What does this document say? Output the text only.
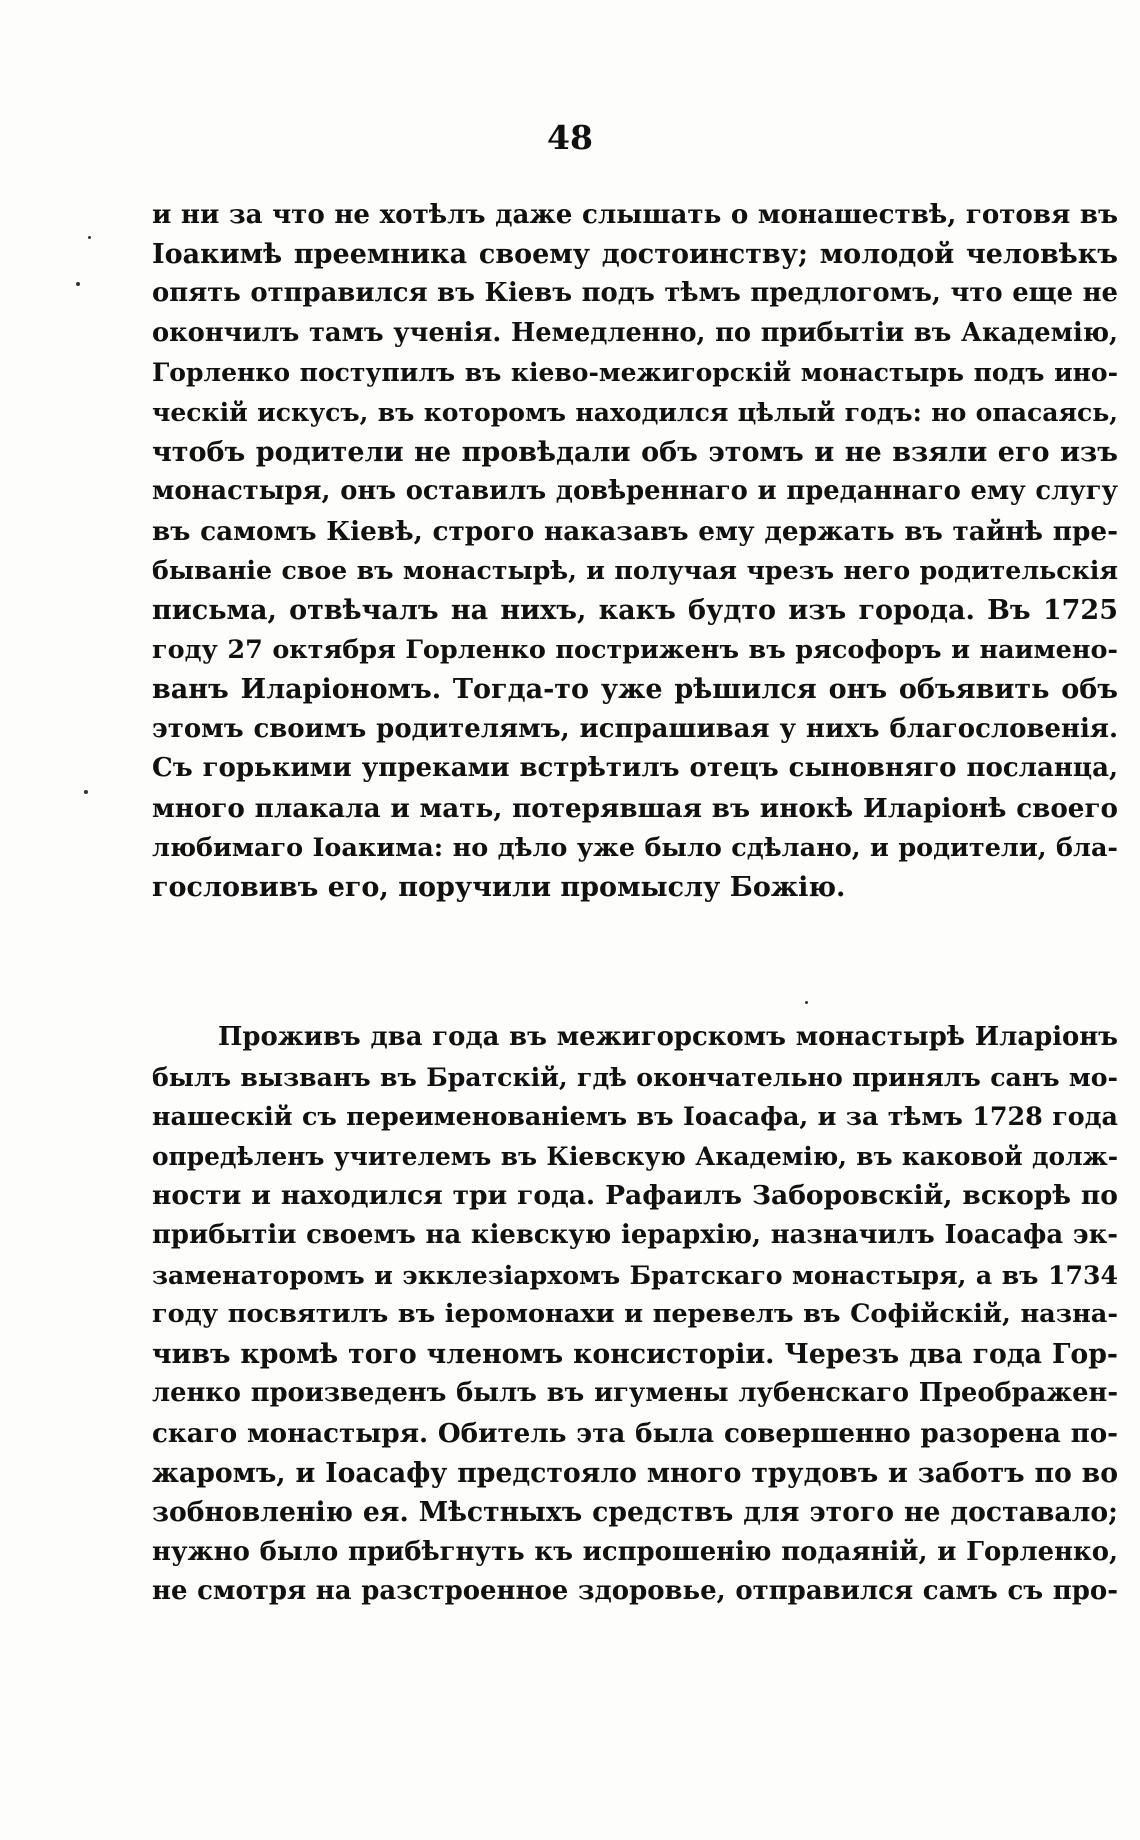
48

и ни за что не хотѣлъ даже слышать о монашествѣ, готовя въ
Іоакимѣ преемника своему достоинству; молодой человѣкъ
опять отправился въ Кіевъ подъ тѣмъ предлогомъ, что еще не
окончилъ тамъ ученія. Немедленно, по прибытіи въ Академію,
Горленко поступилъ въ кіево-межигорскій монастырь подъ ино-
ческій искусъ, въ которомъ находился цѣлый годъ: но опасаясь,
чтобъ родители не провѣдали объ этомъ и не взяли его изъ
монастыря, онъ оставилъ довѣреннаго и преданнаго ему слугу
въ самомъ Кіевѣ, строго наказавъ ему держать въ тайнѣ пре-
бываніе свое въ монастырѣ, и получая чрезъ него родительскія
письма, отвѣчалъ на нихъ, какъ будто изъ города. Въ 1725
году 27 октября Горленко постриженъ въ рясофоръ и наимено-
ванъ Иларіономъ. Тогда-то уже рѣшился онъ объявить объ
этомъ своимъ родителямъ, испрашивая у нихъ благословенія.
Съ горькими упреками встрѣтилъ отецъ сыновняго посланца,
много плакала и мать, потерявшая въ инокѣ Иларіонѣ своего
любимаго Іоакима: но дѣло уже было сдѣлано, и родители, бла-
гословивъ его, поручили промыслу Божію.

Проживъ два года въ межигорскомъ монастырѣ Иларіонъ
былъ вызванъ въ Братскій, гдѣ окончательно принялъ санъ мо-
нашескій съ переименованіемъ въ Іоасафа, и за тѣмъ 1728 года
опредѣленъ учителемъ въ Кіевскую Академію, въ каковой долж-
ности и находился три года. Рафаилъ Заборовскій, вскорѣ по
прибытіи своемъ на кіевскую іерархію, назначилъ Іоасафа эк-
заменаторомъ и экклезіархомъ Братскаго монастыря, а въ 1734
году посвятилъ въ іеромонахи и перевелъ въ Софійскій, назна-
чивъ кромѣ того членомъ консисторіи. Черезъ два года Гор-
ленко произведенъ былъ въ игумены лубенскаго Преображен-
скаго монастыря. Обитель эта была совершенно разорена по-
жаромъ, и Іоасафу предстояло много трудовъ и заботъ по во
зобновленію ея. Мѣстныхъ средствъ для этого не доставало;
нужно было прибѣгнуть къ испрошенію подаяній, и Горленко,
не смотря на разстроенное здоровье, отправился самъ съ про-
